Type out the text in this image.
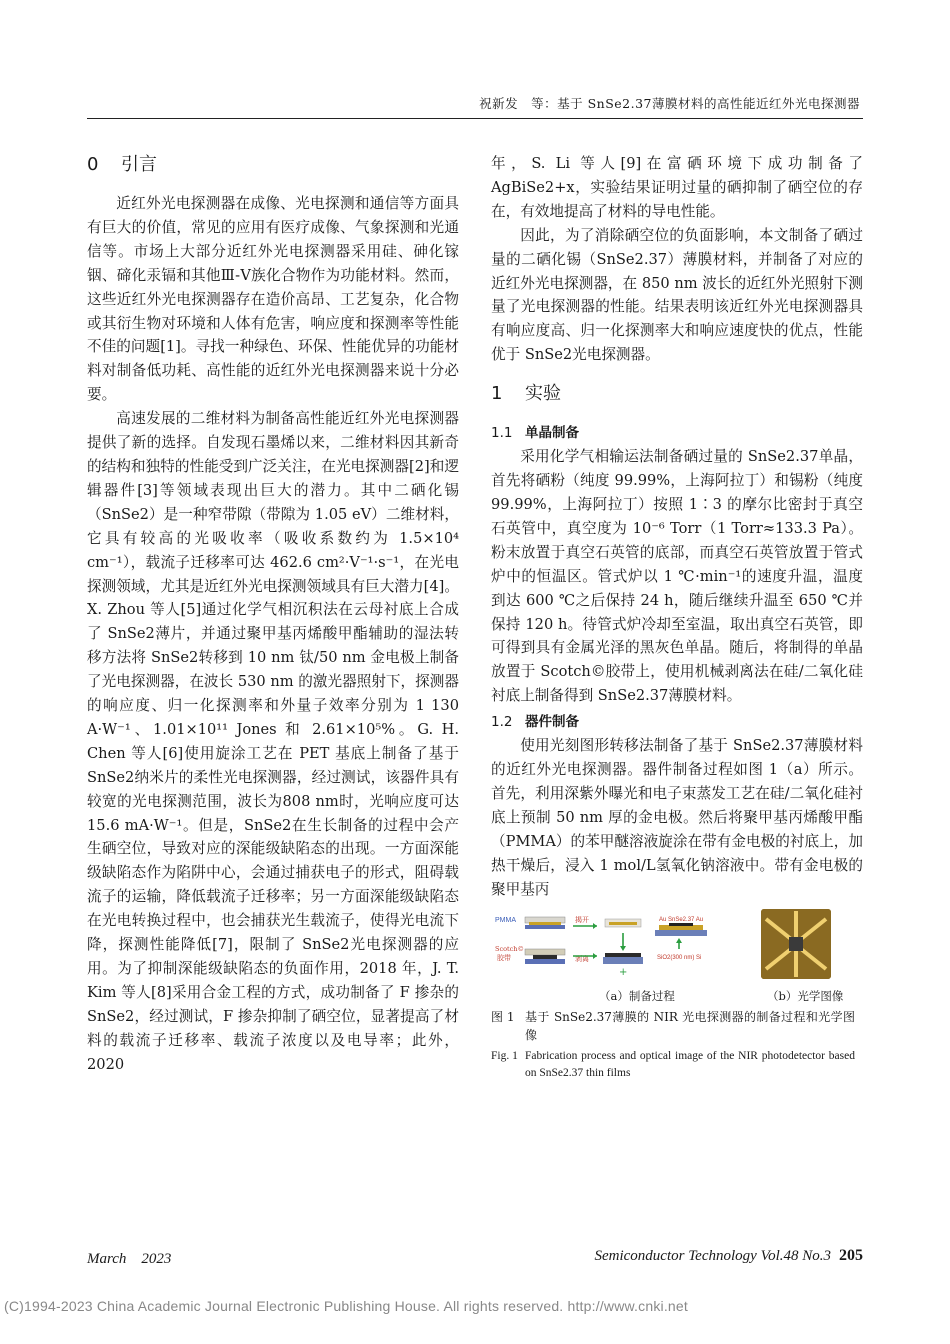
祝新发　等：基于 SnSe2.37薄膜材料的高性能近红外光电探测器
0 引言

近红外光电探测器在成像、光电探测和通信等方面具有巨大的价值，常见的应用有医疗成像、气象探测和光通信等。市场上大部分近红外光电探测器采用硅、砷化镓铟、碲化汞镉和其他Ⅲ-Ⅴ族化合物作为功能材料。然而，这些近红外光电探测器存在造价高昂、工艺复杂，化合物或其衍生物对环境和人体有危害，响应度和探测率等性能不佳的问题[1]。寻找一种绿色、环保、性能优异的功能材料对制备低功耗、高性能的近红外光电探测器来说十分必要。

高速发展的二维材料为制备高性能近红外光电探测器提供了新的选择。自发现石墨烯以来，二维材料因其新奇的结构和独特的性能受到广泛关注，在光电探测器[2]和逻辑器件[3]等领域表现出巨大的潜力。其中二硒化锡（SnSe2）是一种窄带隙（带隙为 1.05 eV）二维材料，它具有较高的光吸收率（吸收系数约为 1.5×10⁴ cm⁻¹），载流子迁移率可达 462.6 cm²·V⁻¹·s⁻¹，在光电探测领域，尤其是近红外光电探测领域具有巨大潜力[4]。X. Zhou 等人[5]通过化学气相沉积法在云母衬底上合成了 SnSe2薄片，并通过聚甲基丙烯酸甲酯辅助的湿法转移方法将 SnSe2转移到 10 nm 钛/50 nm 金电极上制备了光电探测器，在波长 530 nm 的激光器照射下，探测器的响应度、归一化探测率和外量子效率分别为 1 130 A·W⁻¹、1.01×10¹¹ Jones 和 2.61×10⁵%。G. H. Chen 等人[6]使用旋涂工艺在 PET 基底上制备了基于 SnSe2纳米片的柔性光电探测器，经过测试，该器件具有较宽的光电探测范围，波长为808 nm时，光响应度可达15.6 mA·W⁻¹。但是，SnSe2在生长制备的过程中会产生硒空位，导致对应的深能级缺陷态的出现。一方面深能级缺陷态作为陷阱中心，会通过捕获电子的形式，阻碍载流子的运输，降低载流子迁移率；另一方面深能级缺陷态在光电转换过程中，也会捕获光生载流子，使得光电流下降，探测性能降低[7]，限制了 SnSe2光电探测器的应用。为了抑制深能级缺陷态的负面作用，2018 年，J. T. Kim 等人[8]采用合金工程的方式，成功制备了 F 掺杂的 SnSe2，经过测试，F 掺杂抑制了硒空位，显著提高了材料的载流子迁移率、载流子浓度以及电导率；此外，2020

年，S. Li 等人[9]在富硒环境下成功制备了 AgBiSe2+x，实验结果证明过量的硒抑制了硒空位的存在，有效地提高了材料的导电性能。

因此，为了消除硒空位的负面影响，本文制备了硒过量的二硒化锡（SnSe2.37）薄膜材料，并制备了对应的近红外光电探测器，在 850 nm 波长的近红外光照射下测量了光电探测器的性能。结果表明该近红外光电探测器具有响应度高、归一化探测率大和响应速度快的优点，性能优于 SnSe2光电探测器。

1 实验
1.1 单晶制备

采用化学气相输运法制备硒过量的 SnSe2.37单晶，首先将硒粉（纯度 99.99%，上海阿拉丁）和锡粉（纯度 99.99%，上海阿拉丁）按照 1∶3 的摩尔比密封于真空石英管中，真空度为 10⁻⁶ Torr（1 Torr≈133.3 Pa）。粉末放置于真空石英管的底部，而真空石英管放置于管式炉中的恒温区。管式炉以 1 ℃·min⁻¹的速度升温，温度到达 600 ℃之后保持 24 h，随后继续升温至 650 ℃并保持 120 h。待管式炉冷却至室温，取出真空石英管，即可得到具有金属光泽的黑灰色单晶。随后，将制得的单晶放置于 Scotch©胶带上，使用机械剥离法在硅/二氧化硅衬底上制备得到 SnSe2.37薄膜材料。

1.2 器件制备

使用光刻图形转移法制备了基于 SnSe2.37薄膜材料的近红外光电探测器。器件制备过程如图 1（a）所示。首先，利用深紫外曝光和电子束蒸发工艺在硅/二氧化硅衬底上预制 50 nm 厚的金电极。然后将聚甲基丙烯酸甲酯（PMMA）的苯甲醚溶液旋涂在带有金电极的衬底上，加热干燥后，浸入 1 mol/L氢氧化钠溶液中。带有金电极的聚甲基丙

PMMA	揭开	Au SnSe2.37 Au
Scotch©
胶带	剥离
+
SiO2(300 nm) Si
（a）制备过程	（b）光学图像
图 1 基于 SnSe2.37薄膜的 NIR 光电探测器的制备过程和光学图像
Fig. 1 Fabrication process and optical image of the NIR photodetector based on SnSe2.37 thin films
March　2023	Semiconductor Technology Vol.48 No.3 205
(C)1994-2023 China Academic Journal Electronic Publishing House. All rights reserved. http://www.cnki.net
